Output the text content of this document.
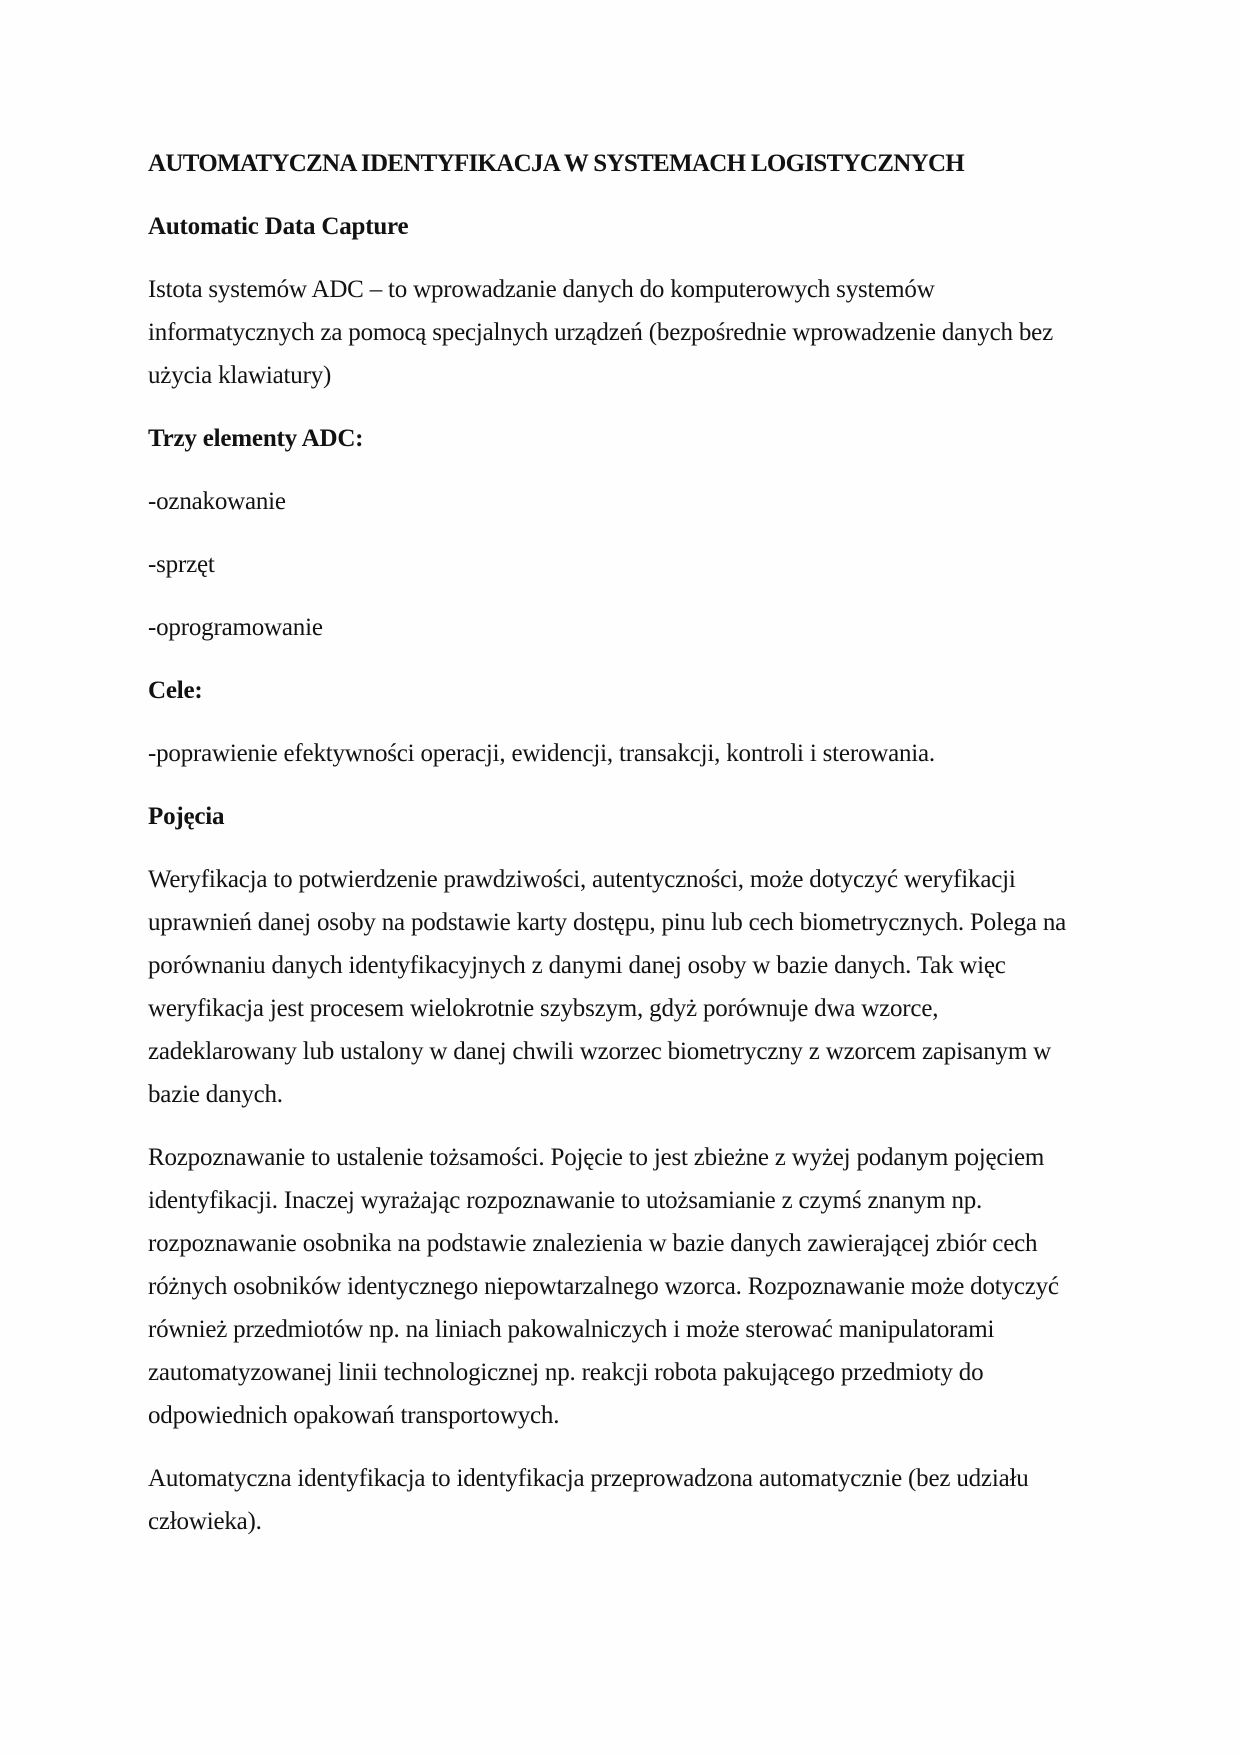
AUTOMATYCZNA IDENTYFIKACJA W SYSTEMACH LOGISTYCZNYCH
Automatic Data Capture
Istota systemów ADC – to wprowadzanie danych do komputerowych systemów
informatycznych za pomocą specjalnych urządzeń (bezpośrednie wprowadzenie danych bez
użycia klawiatury)
Trzy elementy ADC:
-oznakowanie
-sprzęt
-oprogramowanie
Cele:
-poprawienie efektywności operacji, ewidencji, transakcji, kontroli i sterowania.
Pojęcia
Weryfikacja to potwierdzenie prawdziwości, autentyczności, może dotyczyć weryfikacji
uprawnień danej osoby na podstawie karty dostępu, pinu lub cech biometrycznych. Polega na
porównaniu danych identyfikacyjnych z danymi danej osoby w bazie danych. Tak więc
weryfikacja jest procesem wielokrotnie szybszym, gdyż porównuje dwa wzorce,
zadeklarowany lub ustalony w danej chwili wzorzec biometryczny z wzorcem zapisanym w
bazie danych.
Rozpoznawanie to ustalenie tożsamości. Pojęcie to jest zbieżne z wyżej podanym pojęciem
identyfikacji. Inaczej wyrażając rozpoznawanie to utożsamianie z czymś znanym np.
rozpoznawanie osobnika na podstawie znalezienia w bazie danych zawierającej zbiór cech
różnych osobników identycznego niepowtarzalnego wzorca. Rozpoznawanie może dotyczyć
również przedmiotów np. na liniach pakowalniczych i może sterować manipulatorami
zautomatyzowanej linii technologicznej np. reakcji robota pakującego przedmioty do
odpowiednich opakowań transportowych.
Automatyczna identyfikacja to identyfikacja przeprowadzona automatycznie (bez udziału
człowieka).
